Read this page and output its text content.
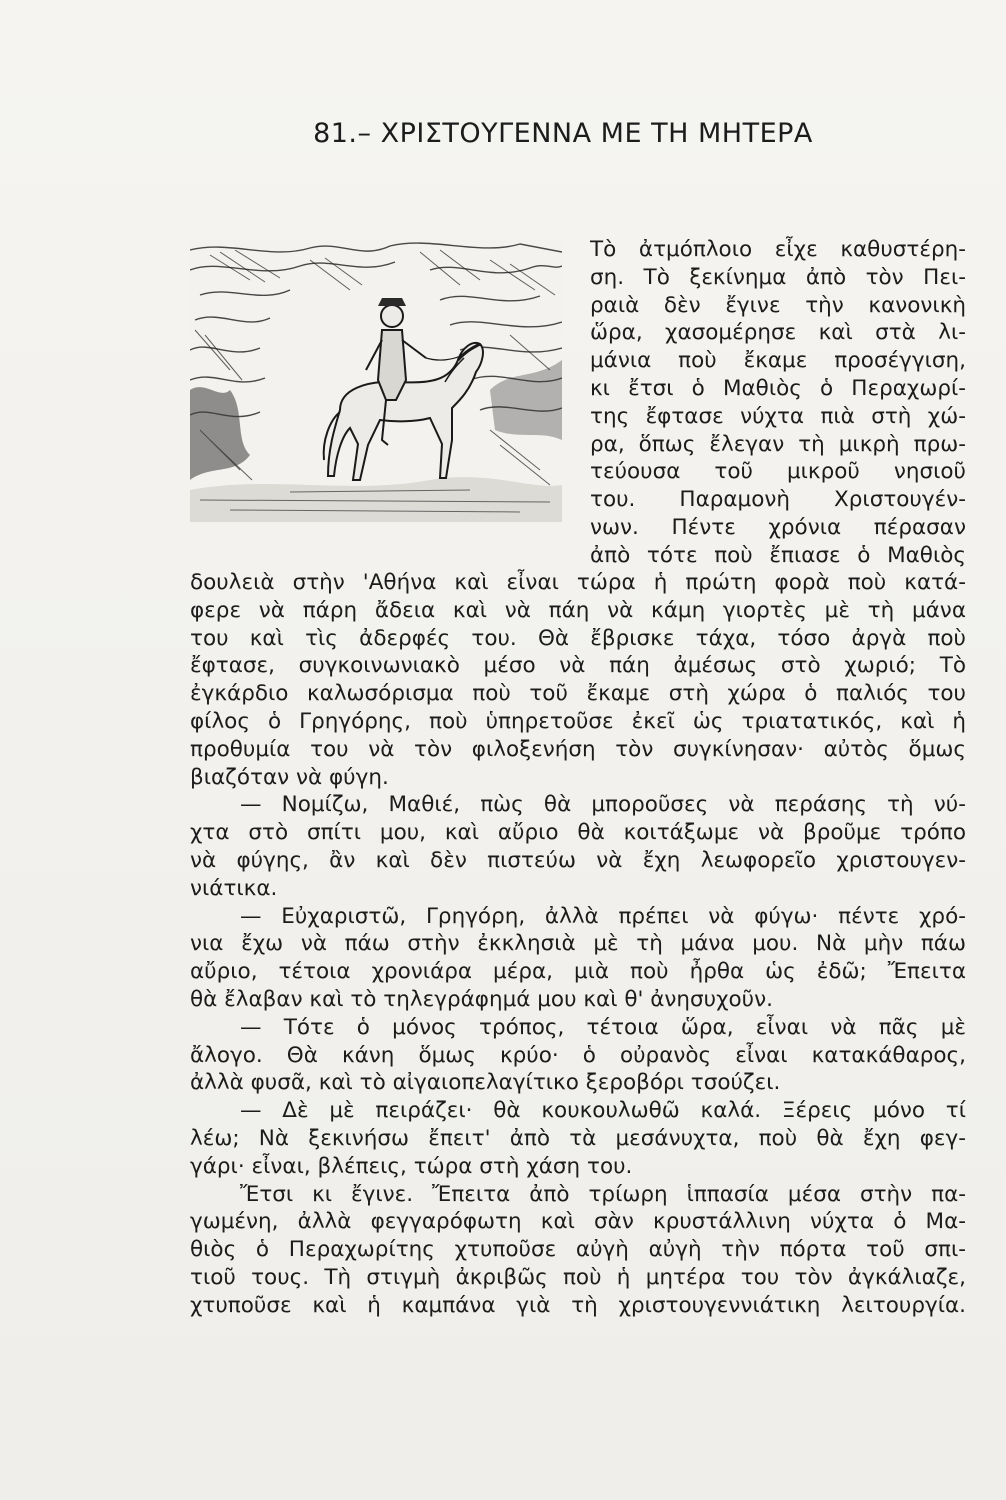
81.– ΧΡΙΣΤΟΥΓΕΝΝΑ ΜΕ ΤΗ ΜΗΤΕΡΑ
Τὸ ἀτμόπλοιο εἶχε καθυστέρη-
ση. Τὸ ξεκίνημα ἀπὸ τὸν Πει-
ραιὰ δὲν ἔγινε τὴν κανονικὴ
ὥρα, χασομέρησε καὶ στὰ λι-
μάνια ποὺ ἔκαμε προσέγγιση,
κι ἔτσι ὁ Μαθιὸς ὁ Περαχωρί-
της ἔφτασε νύχτα πιὰ στὴ χώ-
ρα, ὅπως ἔλεγαν τὴ μικρὴ πρω-
τεύουσα τοῦ μικροῦ νησιοῦ
του. Παραμονὴ Χριστουγέν-
νων. Πέντε χρόνια πέρασαν
ἀπὸ τότε ποὺ ἔπιασε ὁ Μαθιὸς
δουλειὰ στὴν 'Αθήνα καὶ εἶναι τώρα ἡ πρώτη φορὰ ποὺ κατά-
φερε νὰ πάρη ἄδεια καὶ νὰ πάη νὰ κάμη γιορτὲς μὲ τὴ μάνα
του καὶ τὶς ἀδερφές του. Θὰ ἔβρισκε τάχα, τόσο ἀργὰ ποὺ
ἔφτασε, συγκοινωνιακὸ μέσο νὰ πάη ἀμέσως στὸ χωριό; Τὸ
ἐγκάρδιο καλωσόρισμα ποὺ τοῦ ἔκαμε στὴ χώρα ὁ παλιός του
φίλος ὁ Γρηγόρης, ποὺ ὑπηρετοῦσε ἐκεῖ ὡς τριατατικός, καὶ ἡ
προθυμία του νὰ τὸν φιλοξενήση τὸν συγκίνησαν· αὐτὸς ὅμως
βιαζόταν νὰ φύγη.
— Νομίζω, Μαθιέ, πὼς θὰ μποροῦσες νὰ περάσης τὴ νύ-
χτα στὸ σπίτι μου, καὶ αὔριο θὰ κοιτάξωμε νὰ βροῦμε τρόπο
νὰ φύγης, ἂν καὶ δὲν πιστεύω νὰ ἔχη λεωφορεῖο χριστουγεν-
νιάτικα.
— Εὐχαριστῶ, Γρηγόρη, ἀλλὰ πρέπει νὰ φύγω· πέντε χρό-
νια ἔχω νὰ πάω στὴν ἐκκλησιὰ μὲ τὴ μάνα μου. Νὰ μὴν πάω
αὔριο, τέτοια χρονιάρα μέρα, μιὰ ποὺ ἦρθα ὡς ἐδῶ; Ἔπειτα
θὰ ἔλαβαν καὶ τὸ τηλεγράφημά μου καὶ θ' ἀνησυχοῦν.
— Τότε ὁ μόνος τρόπος, τέτοια ὥρα, εἶναι νὰ πᾶς μὲ
ἄλογο. Θὰ κάνη ὅμως κρύο· ὁ οὐρανὸς εἶναι κατακάθαρος,
ἀλλὰ φυσᾶ, καὶ τὸ αἰγαιοπελαγίτικο ξεροβόρι τσούζει.
— Δὲ μὲ πειράζει· θὰ κουκουλωθῶ καλά. Ξέρεις μόνο τί
λέω; Νὰ ξεκινήσω ἔπειτ' ἀπὸ τὰ μεσάνυχτα, ποὺ θὰ ἔχη φεγ-
γάρι· εἶναι, βλέπεις, τώρα στὴ χάση του.
Ἔτσι κι ἔγινε. Ἔπειτα ἀπὸ τρίωρη ἱππασία μέσα στὴν πα-
γωμένη, ἀλλὰ φεγγαρόφωτη καὶ σὰν κρυστάλλινη νύχτα ὁ Μα-
θιὸς ὁ Περαχωρίτης χτυποῦσε αὐγὴ αὐγὴ τὴν πόρτα τοῦ σπι-
τιοῦ τους. Τὴ στιγμὴ ἀκριβῶς ποὺ ἡ μητέρα του τὸν ἀγκάλιαζε,
χτυποῦσε καὶ ἡ καμπάνα γιὰ τὴ χριστουγεννιάτικη λειτουργία.
